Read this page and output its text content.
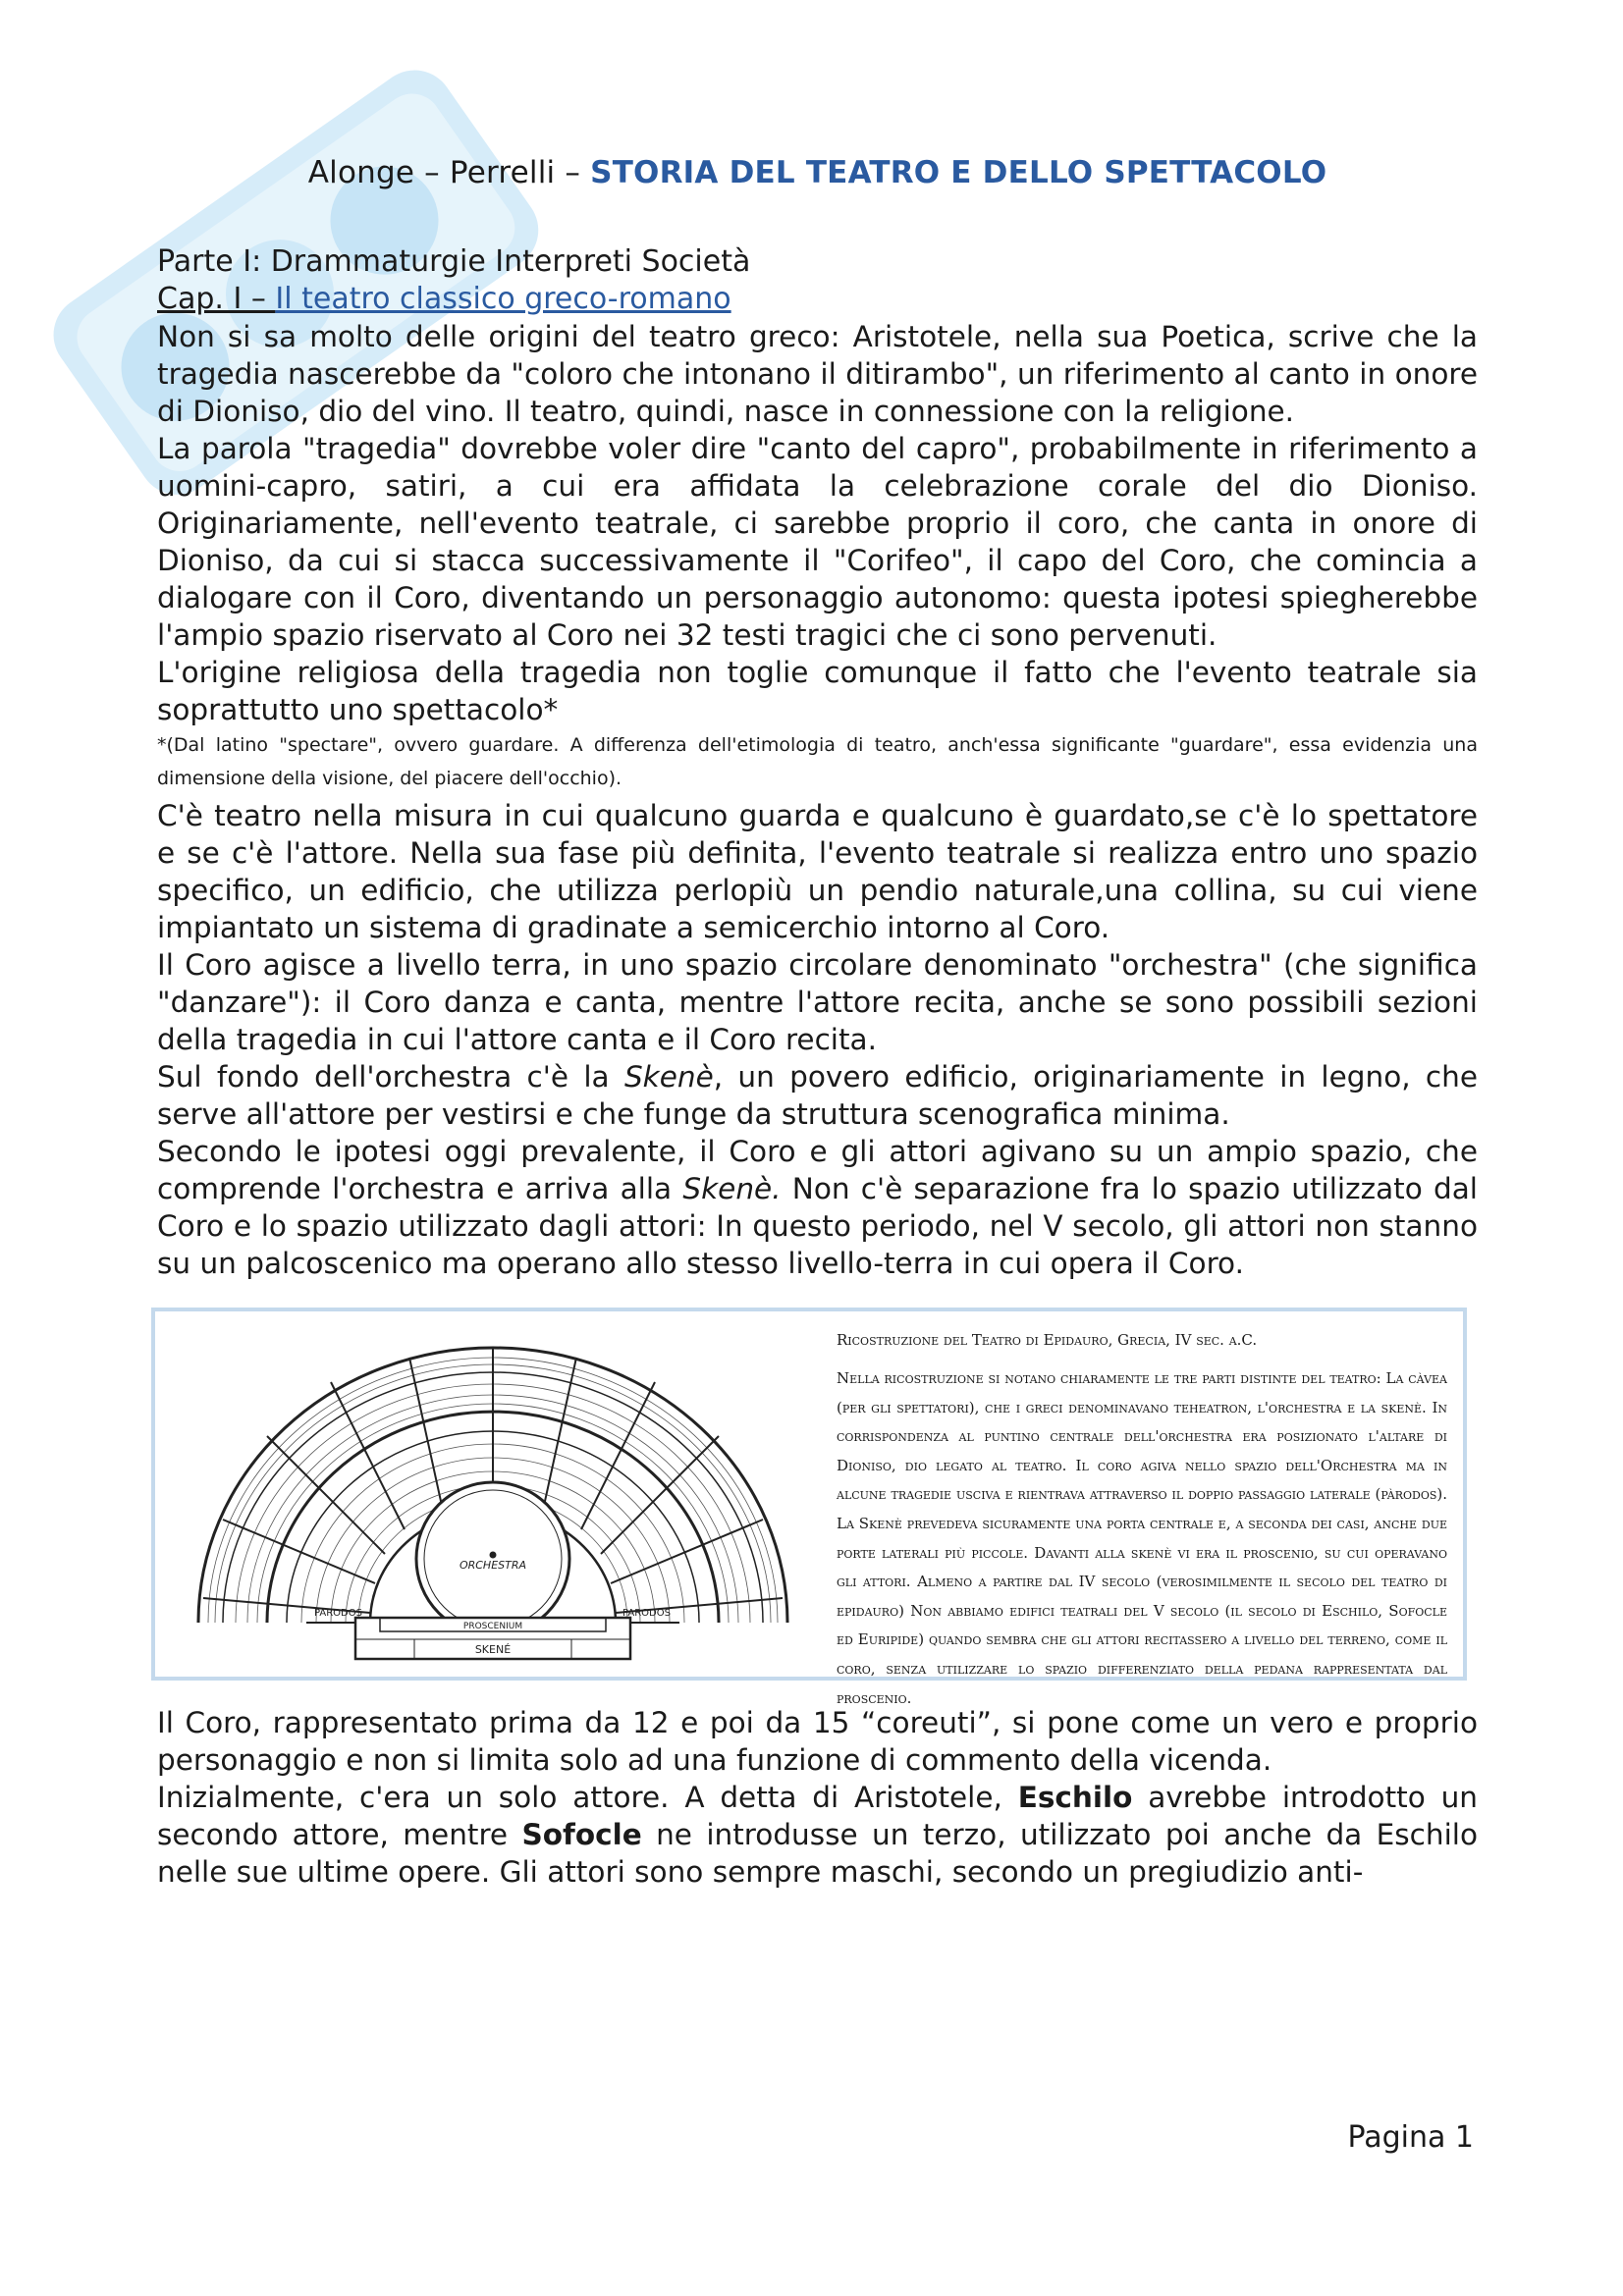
Alonge – Perrelli – STORIA DEL TEATRO E DELLO SPETTACOLO
Parte I: Drammaturgie Interpreti Società
Cap. I – Il teatro classico greco-romano

Non si sa molto delle origini del teatro greco: Aristotele, nella sua Poetica, scrive che la tragedia nascerebbe da "coloro che intonano il ditirambo", un riferimento al canto in onore di Dioniso, dio del vino. Il teatro, quindi, nasce in connessione con la religione.

La parola "tragedia" dovrebbe voler dire "canto del capro", probabilmente in riferimento a uomini-capro, satiri, a cui era affidata la celebrazione corale del dio Dioniso. Originariamente, nell'evento teatrale, ci sarebbe proprio il coro, che canta in onore di Dioniso, da cui si stacca successivamente il "Corifeo", il capo del Coro, che comincia a dialogare con il Coro, diventando un personaggio autonomo: questa ipotesi spiegherebbe l'ampio spazio riservato al Coro nei 32 testi tragici che ci sono pervenuti.

L'origine religiosa della tragedia non toglie comunque il fatto che l'evento teatrale sia soprattutto uno spettacolo*

*(Dal latino "spectare", ovvero guardare. A differenza dell'etimologia di teatro, anch'essa significante "guardare", essa evidenzia una dimensione della visione, del piacere dell'occhio).

C'è teatro nella misura in cui qualcuno guarda e qualcuno è guardato,se c'è lo spettatore e se c'è l'attore. Nella sua fase più definita, l'evento teatrale si realizza entro uno spazio specifico, un edificio, che utilizza perlopiù un pendio naturale,una collina, su cui viene impiantato un sistema di gradinate a semicerchio intorno al Coro.

Il Coro agisce a livello terra, in uno spazio circolare denominato "orchestra" (che significa "danzare"): il Coro danza e canta, mentre l'attore recita, anche se sono possibili sezioni della tragedia in cui l'attore canta e il Coro recita.

Sul fondo dell'orchestra c'è la Skenè, un povero edificio, originariamente in legno, che serve all'attore per vestirsi e che funge da struttura scenografica minima.

Secondo le ipotesi oggi prevalente, il Coro e gli attori agivano su un ampio spazio, che comprende l'orchestra e arriva alla Skenè. Non c'è separazione fra lo spazio utilizzato dal Coro e lo spazio utilizzato dagli attori: In questo periodo, nel V secolo, gli attori non stanno su un palcoscenico ma operano allo stesso livello-terra in cui opera il Coro.

ORCHESTRA
PARODOS	PARODOS
PROSCENIUM
SKENÉ
Ricostruzione del Teatro di Epidauro, Grecia, IV sec. a.C.
Nella ricostruzione si notano chiaramente le tre parti distinte del teatro: La càvea (per gli spettatori), che i greci denominavano teheatron, l'orchestra e la skenè. In corrispondenza al puntino centrale dell'orchestra era posizionato l'altare di Dioniso, dio legato al teatro. Il coro agiva nello spazio dell'Orchestra ma in alcune tragedie usciva e rientrava attraverso il doppio passaggio laterale (pàrodos). La Skenè prevedeva sicuramente una porta centrale e, a seconda dei casi, anche due porte laterali più piccole. Davanti alla skenè vi era il proscenio, su cui operavano gli attori. Almeno a partire dal IV secolo (verosimilmente il secolo del teatro di epidauro) Non abbiamo edifici teatrali del V secolo (il secolo di Eschilo, Sofocle ed Euripide) quando sembra che gli attori recitassero a livello del terreno, come il coro, senza utilizzare lo spazio differenziato della pedana rappresentata dal proscenio.

Il Coro, rappresentato prima da 12 e poi da 15 “coreuti”, si pone come un vero e proprio personaggio e non si limita solo ad una funzione di commento della vicenda.

Inizialmente, c'era un solo attore. A detta di Aristotele, Eschilo avrebbe introdotto un secondo attore, mentre Sofocle ne introdusse un terzo, utilizzato poi anche da Eschilo nelle sue ultime opere. Gli attori sono sempre maschi, secondo un pregiudizio anti-

Pagina 1
